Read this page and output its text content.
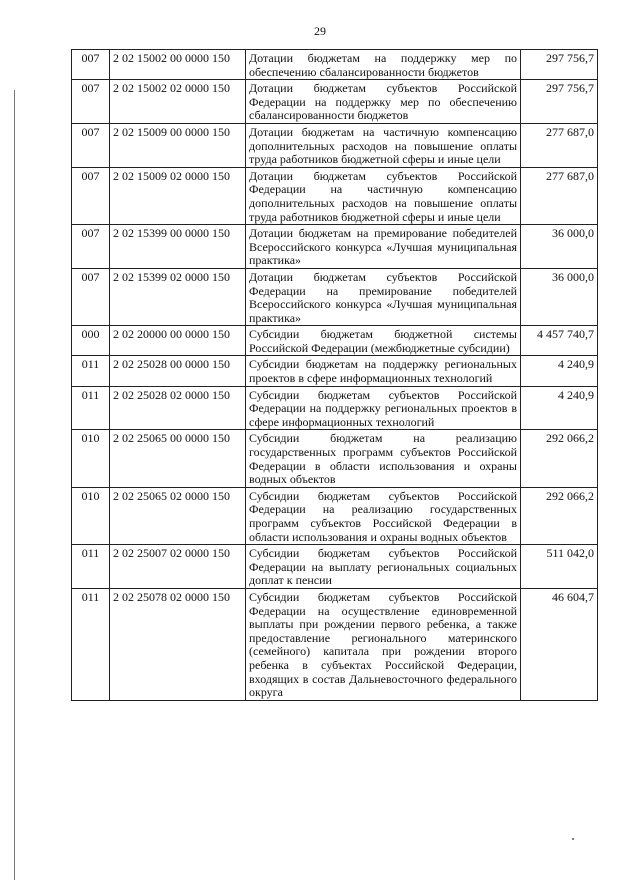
29
007	2 02 15002 00 0000 150	Дотации бюджетам на поддержку мер по обеспечению сбалансированности бюджетов	297 756,7
007	2 02 15002 02 0000 150	Дотации бюджетам субъектов Российской Федерации на поддержку мер по обеспечению сбалансированности бюджетов	297 756,7
007	2 02 15009 00 0000 150	Дотации бюджетам на частичную компенсацию дополнительных расходов на повышение оплаты труда работников бюджетной сферы и иные цели	277 687,0
007	2 02 15009 02 0000 150	Дотации бюджетам субъектов Российской Федерации на частичную компенсацию дополнительных расходов на повышение оплаты труда работников бюджетной сферы и иные цели	277 687,0
007	2 02 15399 00 0000 150	Дотации бюджетам на премирование победителей Всероссийского конкурса «Лучшая муниципальная практика»	36 000,0
007	2 02 15399 02 0000 150	Дотации бюджетам субъектов Российской Федерации на премирование победителей Всероссийского конкурса «Лучшая муниципальная практика»	36 000,0
000	2 02 20000 00 0000 150	Субсидии бюджетам бюджетной системы Российской Федерации (межбюджетные субсидии)	4 457 740,7
011	2 02 25028 00 0000 150	Субсидии бюджетам на поддержку региональных проектов в сфере информационных технологий	4 240,9
011	2 02 25028 02 0000 150	Субсидии бюджетам субъектов Российской Федерации на поддержку региональных проектов в сфере информационных технологий	4 240,9
010	2 02 25065 00 0000 150	Субсидии бюджетам на реализацию государственных программ субъектов Российской Федерации в области использования и охраны водных объектов	292 066,2
010	2 02 25065 02 0000 150	Субсидии бюджетам субъектов Российской Федерации на реализацию государственных программ субъектов Российской Федерации в области использования и охраны водных объектов	292 066,2
011	2 02 25007 02 0000 150	Субсидии бюджетам субъектов Российской Федерации на выплату региональных социальных доплат к пенсии	511 042,0
011	2 02 25078 02 0000 150	Субсидии бюджетам субъектов Российской Федерации на осуществление единовременной выплаты при рождении первого ребенка, а также предоставление регионального материнского (семейного) капитала при рождении второго ребенка в субъектах Российской Федерации, входящих в состав Дальневосточного федерального округа	46 604,7
